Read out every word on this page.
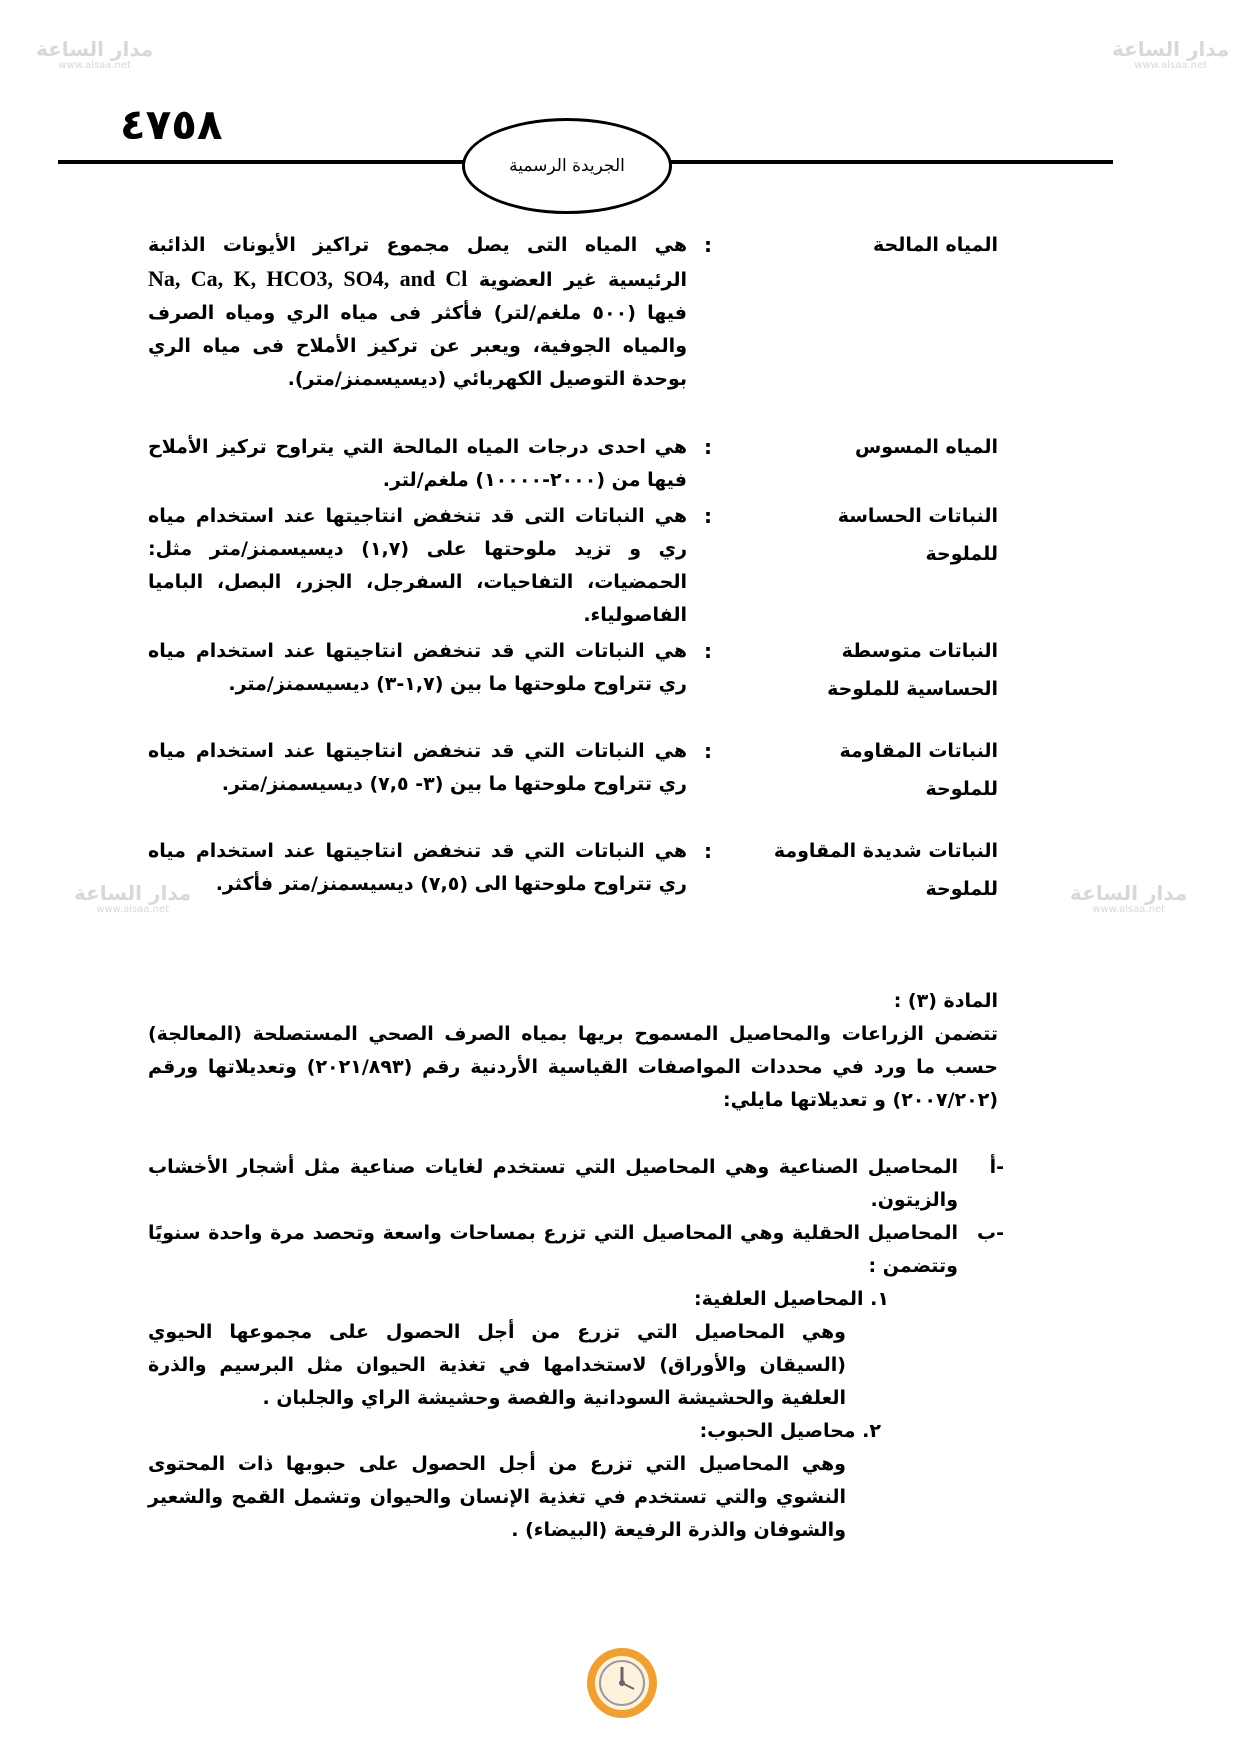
مدار الساعة
www.alsaa.net
مدار الساعة
www.alsaa.net
مدار الساعة
www.alsaa.net
مدار الساعة
www.alsaa.net
٤٧٥٨
الجريدة الرسمية
المياه المالحة
:
هي المياه التى يصل مجموع تراكيز الأيونات الذائبة الرئيسية غير العضوية Na, Ca, K, HCO3, SO4, and Cl فيها (٥٠٠ ملغم/لتر) فأكثر فى مياه الري ومياه الصرف والمياه الجوفية، ويعبر عن تركيز الأملاح فى مياه الري بوحدة التوصيل الكهربائي (ديسيسمنز/متر).
المياه المسوس
:
هي احدى درجات المياه المالحة التي يتراوح تركيز الأملاح فيها من (٢٠٠٠-١٠٠٠٠) ملغم/لتر.
النباتات الحساسة للملوحة
:
هي النباتات التى قد تنخفض انتاجيتها عند استخدام مياه ري و تزيد ملوحتها على (١,٧) ديسيسمنز/متر مثل: الحمضيات، التفاحيات، السفرجل، الجزر، البصل، الباميا الفاصولياء.
النباتات متوسطة الحساسية للملوحة
:
هي النباتات التي قد تنخفض انتاجيتها عند استخدام مياه ري تتراوح ملوحتها ما بين (١,٧-٣) ديسيسمنز/متر.
النباتات المقاومة للملوحة
:
هي النباتات التي قد تنخفض انتاجيتها عند استخدام مياه ري تتراوح ملوحتها ما بين (٣- ٧,٥) ديسيسمنز/متر.
النباتات شديدة المقاومة للملوحة
:
هي النباتات التي قد تنخفض انتاجيتها عند استخدام مياه ري تتراوح ملوحتها الى (٧,٥) ديسيسمنز/متر فأكثر.
المادة (٣) :
تتضمن الزراعات والمحاصيل المسموح بريها بمياه الصرف الصحي المستصلحة (المعالجة) حسب ما ورد في محددات المواصفات القياسية الأردنية رقم (٢٠٢١/٨٩٣) وتعديلاتها ورقم (٢٠٠٧/٢٠٢) و تعديلاتها مايلي:
أ-
المحاصيل الصناعية وهي المحاصيل التي تستخدم لغايات صناعية مثل أشجار الأخشاب والزيتون.
ب-
المحاصيل الحقلية وهي المحاصيل التي تزرع بمساحات واسعة وتحصد مرة واحدة سنويًا وتتضمن :
١. المحاصيل العلفية:
وهي المحاصيل التي تزرع من أجل الحصول على مجموعها الحيوي (السيقان والأوراق) لاستخدامها في تغذية الحيوان مثل البرسيم والذرة العلفية والحشيشة السودانية والفصة وحشيشة الراي والجلبان .
٢. محاصيل الحبوب:
وهي المحاصيل التي تزرع من أجل الحصول على حبوبها ذات المحتوى النشوي والتي تستخدم في تغذية الإنسان والحيوان وتشمل القمح والشعير والشوفان والذرة الرفيعة (البيضاء) .
